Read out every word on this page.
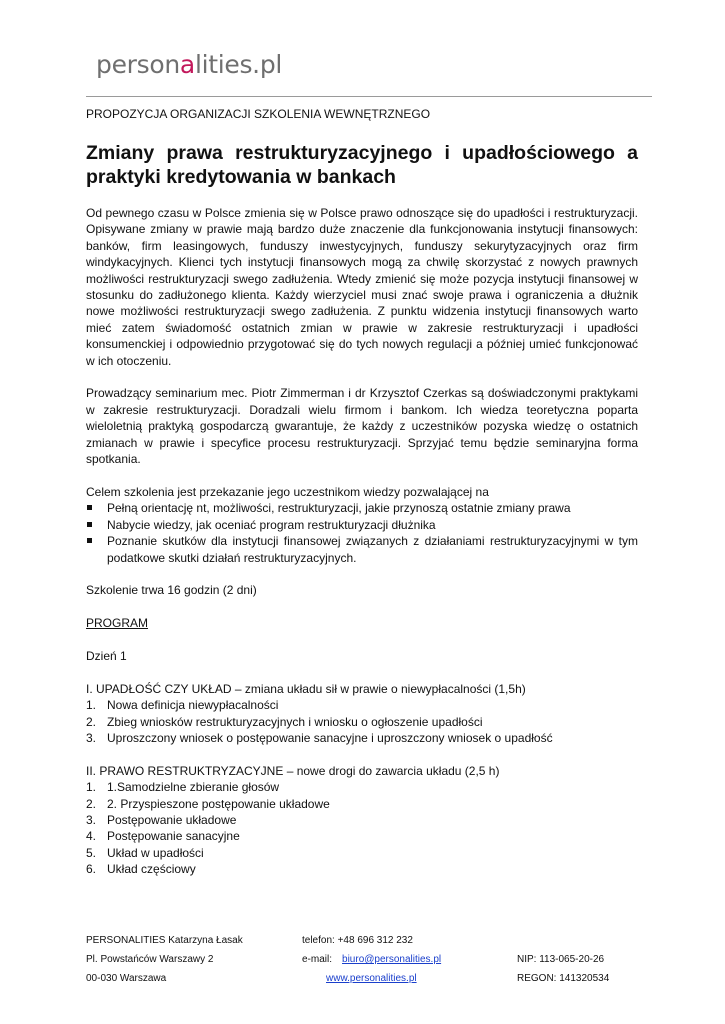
personalities.pl
PROPOZYCJA ORGANIZACJI SZKOLENIA WEWNĘTRZNEGO
Zmiany prawa restrukturyzacyjnego i upadłościowego a praktyki kredytowania w bankach

Od pewnego czasu w Polsce zmienia się w Polsce prawo odnoszące się do upadłości i restrukturyzacji. Opisywane zmiany w prawie mają bardzo duże znaczenie dla funkcjonowania instytucji finansowych: banków, firm leasingowych, funduszy inwestycyjnych, funduszy sekurytyzacyjnych oraz firm windykacyjnych. Klienci tych instytucji finansowych mogą za chwilę skorzystać z nowych prawnych możliwości restrukturyzacji swego zadłużenia. Wtedy zmienić się może pozycja instytucji finansowej w stosunku do zadłużonego klienta. Każdy wierzyciel musi znać swoje prawa i ograniczenia a dłużnik nowe możliwości restrukturyzacji swego zadłużenia. Z punktu widzenia instytucji finansowych warto mieć zatem świadomość ostatnich zmian w prawie w zakresie restrukturyzacji i upadłości konsumenckiej i odpowiednio przygotować się do tych nowych regulacji a później umieć funkcjonować w ich otoczeniu.

Prowadzący seminarium mec. Piotr Zimmerman i dr Krzysztof Czerkas są doświadczonymi praktykami w zakresie restrukturyzacji. Doradzali wielu firmom i bankom. Ich wiedza teoretyczna poparta wieloletnią praktyką gospodarczą gwarantuje, że każdy z uczestników pozyska wiedzę o ostatnich zmianach w prawie i specyfice procesu restrukturyzacji. Sprzyjać temu będzie seminaryjna forma spotkania.

Celem szkolenia jest przekazanie jego uczestnikom wiedzy pozwalającej na

Pełną orientację nt, możliwości, restrukturyzacji, jakie przynoszą ostatnie zmiany prawa
Nabycie wiedzy, jak oceniać program restrukturyzacji dłużnika
Poznanie skutków dla instytucji finansowej związanych z działaniami restrukturyzacyjnymi w tym podatkowe skutki działań restrukturyzacyjnych.

Szkolenie trwa 16 godzin (2 dni)

PROGRAM

Dzień 1

I. UPADŁOŚĆ CZY UKŁAD – zmiana układu sił w prawie o niewypłacalności (1,5h)

1. Nowa definicja niewypłacalności
2. Zbieg wniosków restrukturyzacyjnych i wniosku o ogłoszenie upadłości
3. Uproszczony wniosek o postępowanie sanacyjne i uproszczony wniosek o upadłość

II. PRAWO RESTRUKTRYZACYJNE – nowe drogi do zawarcia układu (2,5 h)

1. 1.Samodzielne zbieranie głosów
2. 2. Przyspieszone postępowanie układowe
3. Postępowanie układowe
4. Postępowanie sanacyjne
5. Układ w upadłości
6. Układ częściowy
PERSONALITIES Katarzyna Łasak
Pl. Powstańców Warszawy 2
00-030 Warszawa
telefon: +48 696 312 232
e-mail: biuro@personalities.pl
www.personalities.pl
NIP: 113-065-20-26
REGON: 141320534
